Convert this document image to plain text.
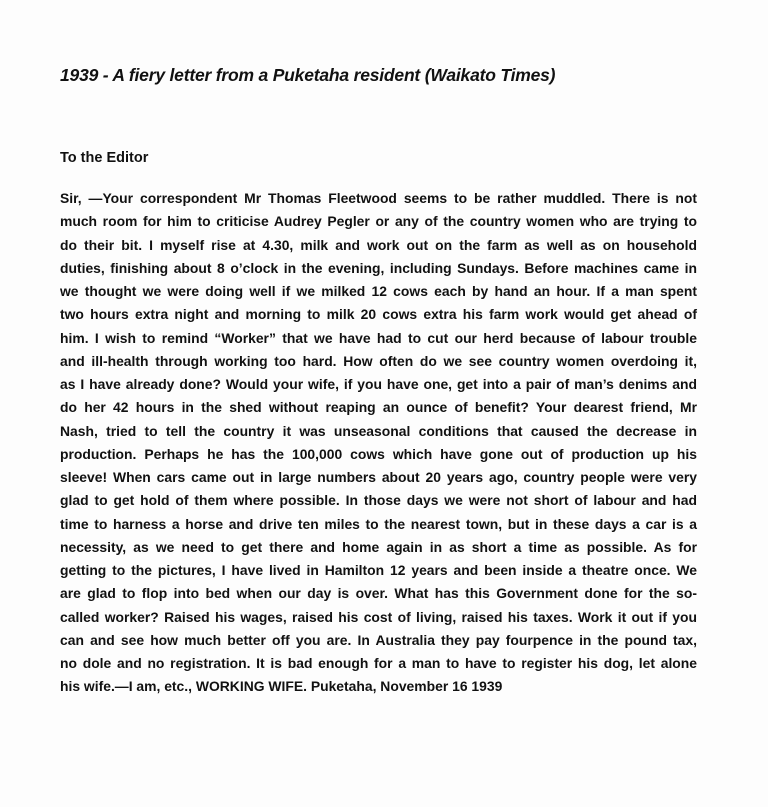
1939 - A fiery letter from a Puketaha resident (Waikato Times)

To the Editor

Sir, —Your correspondent Mr Thomas Fleetwood seems to be rather muddled. There is not
much room for him to criticise Audrey Pegler or any of the country women who are trying to
do their bit. I myself rise at 4.30, milk and work out on the farm as well as on household
duties, finishing about 8 o’clock in the evening, including Sundays. Before machines came in
we thought we were doing well if we milked 12 cows each by hand an hour. If a man spent
two hours extra night and morning to milk 20 cows extra his farm work would get ahead of
him. I wish to remind “Worker” that we have had to cut our herd because of labour trouble
and ill-health through working too hard. How often do we see country women overdoing it,
as I have already done? Would your wife, if you have one, get into a pair of man’s denims and
do her 42 hours in the shed without reaping an ounce of benefit? Your dearest friend, Mr
Nash, tried to tell the country it was unseasonal conditions that caused the decrease in
production. Perhaps he has the 100,000 cows which have gone out of production up his
sleeve! When cars came out in large numbers about 20 years ago, country people were very
glad to get hold of them where possible. In those days we were not short of labour and had
time to harness a horse and drive ten miles to the nearest town, but in these days a car is a
necessity, as we need to get there and home again in as short a time as possible. As for
getting to the pictures, I have lived in Hamilton 12 years and been inside a theatre once. We
are glad to flop into bed when our day is over. What has this Government done for the so-
called worker? Raised his wages, raised his cost of living, raised his taxes. Work it out if you
can and see how much better off you are. In Australia they pay fourpence in the pound tax,
no dole and no registration. It is bad enough for a man to have to register his dog, let alone
his wife.—I am, etc., WORKING WIFE. Puketaha, November 16 1939
